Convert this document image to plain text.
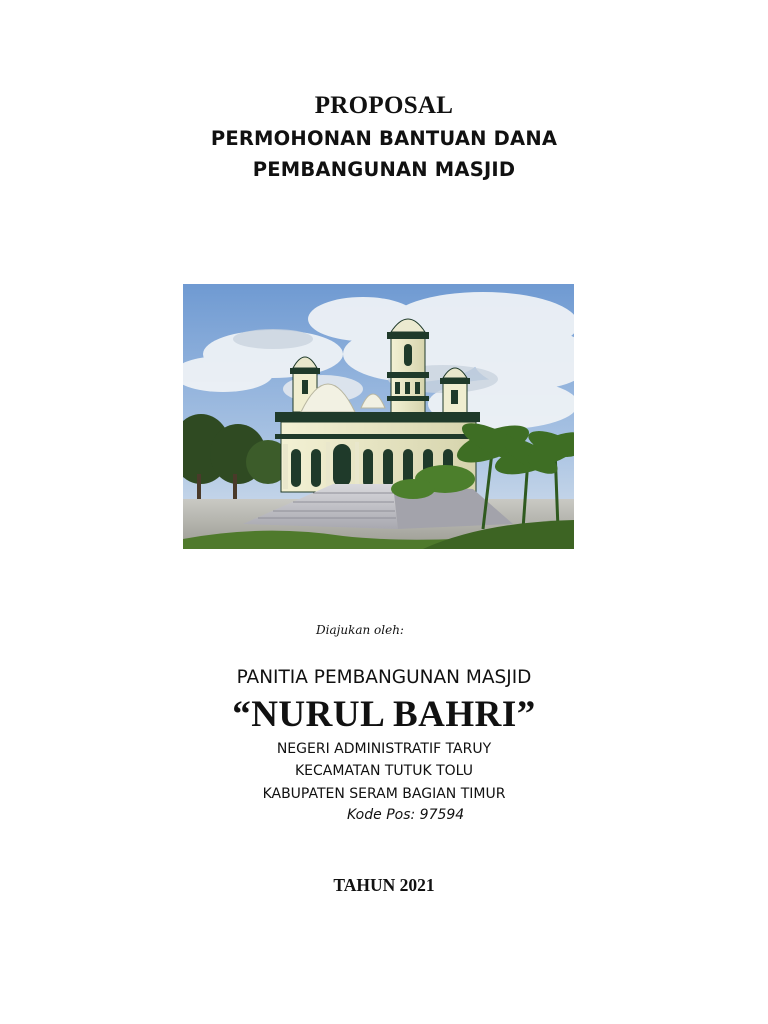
PROPOSAL
PERMOHONAN BANTUAN DANA
PEMBANGUNAN MASJID
Diajukan oleh:
PANITIA PEMBANGUNAN MASJID
“NURUL BAHRI”
NEGERI ADMINISTRATIF TARUY
KECAMATAN TUTUK TOLU
KABUPATEN SERAM BAGIAN TIMUR
Kode Pos: 97594
TAHUN 2021
